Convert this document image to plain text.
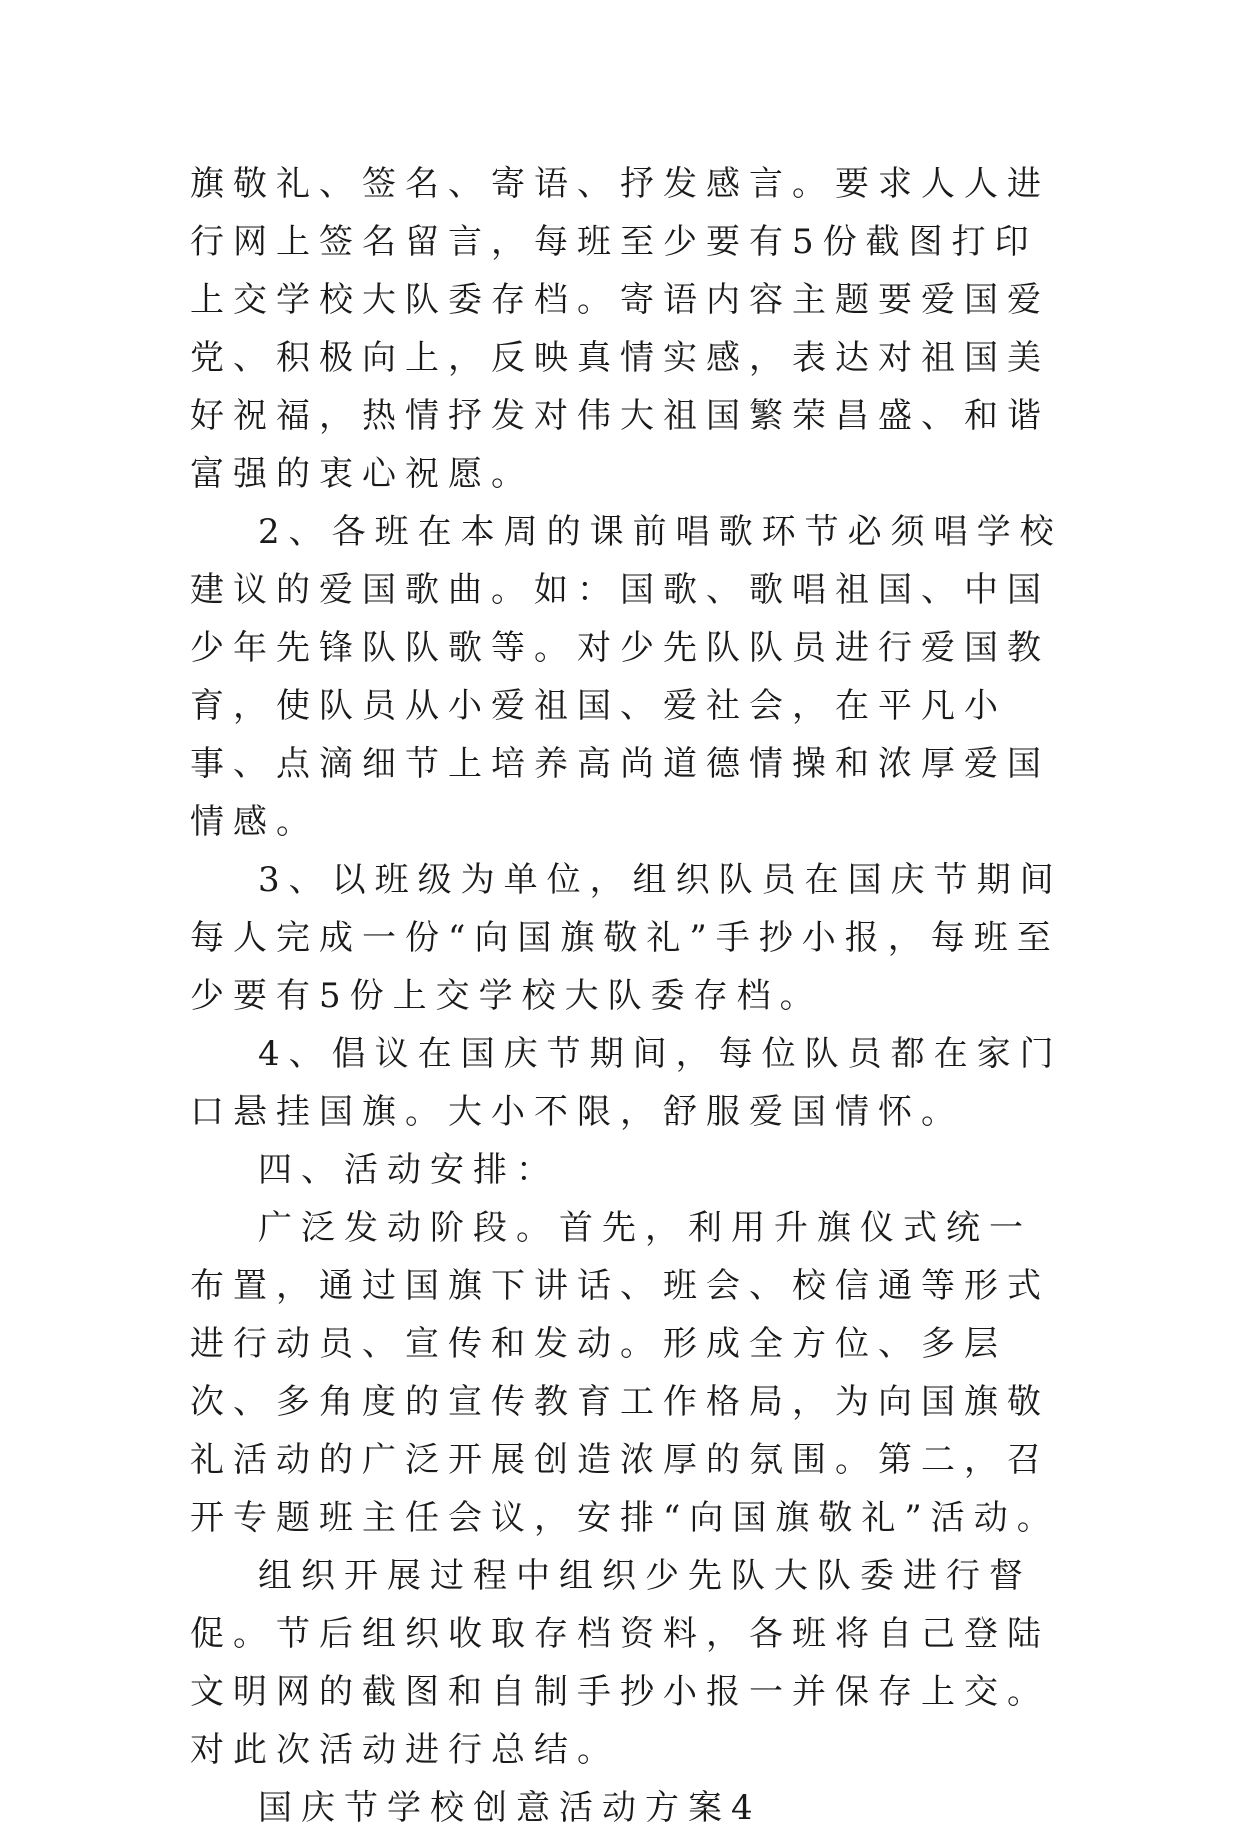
旗敬礼、签名、寄语、抒发感言。要求人人进行网上签名留言，每班至少要有5份截图打印上交学校大队委存档。寄语内容主题要爱国爱党、积极向上，反映真情实感，表达对祖国美好祝福，热情抒发对伟大祖国繁荣昌盛、和谐富强的衷心祝愿。

2、各班在本周的课前唱歌环节必须唱学校建议的爱国歌曲。如：国歌、歌唱祖国、中国少年先锋队队歌等。对少先队队员进行爱国教育，使队员从小爱祖国、爱社会，在平凡小事、点滴细节上培养高尚道德情操和浓厚爱国情感。

3、以班级为单位，组织队员在国庆节期间每人完成一份“向国旗敬礼”手抄小报，每班至少要有5份上交学校大队委存档。

4、倡议在国庆节期间，每位队员都在家门口悬挂国旗。大小不限，舒服爱国情怀。

四、活动安排：

广泛发动阶段。首先，利用升旗仪式统一布置，通过国旗下讲话、班会、校信通等形式进行动员、宣传和发动。形成全方位、多层次、多角度的宣传教育工作格局，为向国旗敬礼活动的广泛开展创造浓厚的氛围。第二，召开专题班主任会议，安排“向国旗敬礼”活动。

组织开展过程中组织少先队大队委进行督促。节后组织收取存档资料，各班将自己登陆文明网的截图和自制手抄小报一并保存上交。对此次活动进行总结。

国庆节学校创意活动方案4
